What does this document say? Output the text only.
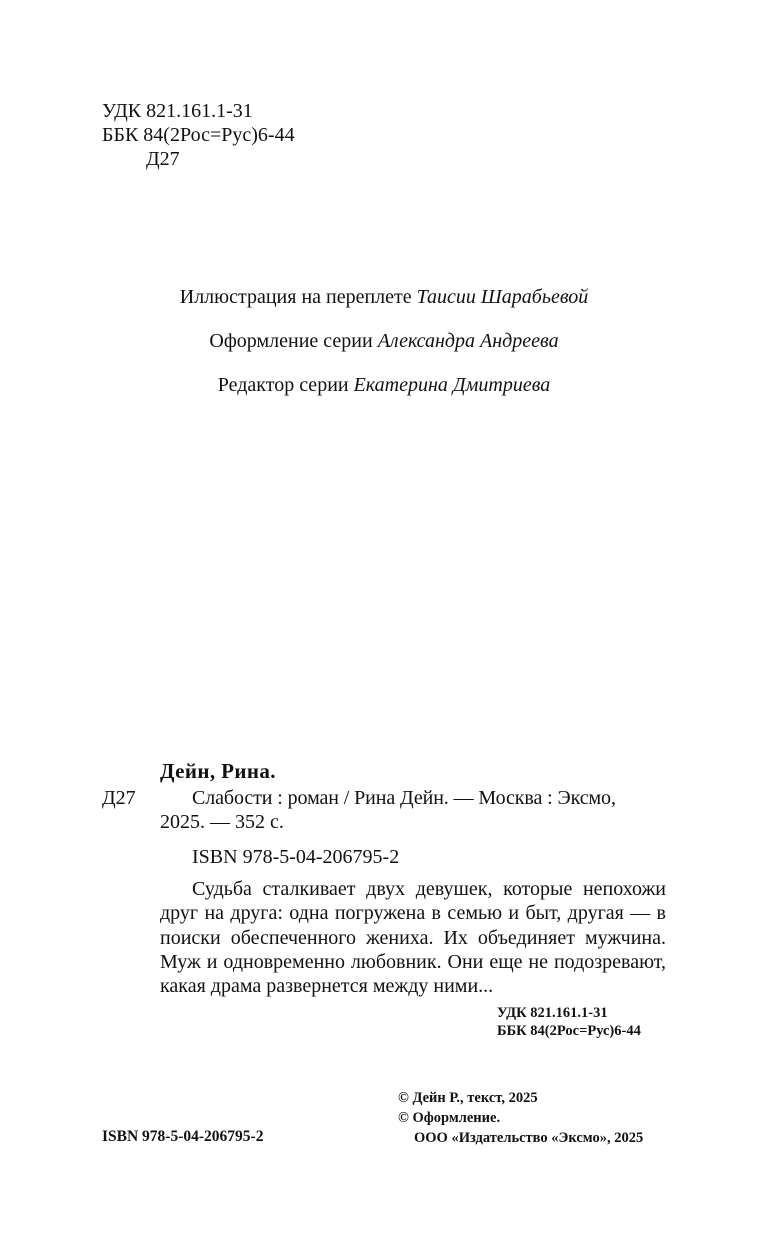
УДК 821.161.1-31
ББК 84(2Рос=Рус)6-44
Д27
Иллюстрация на переплете Таисии Шарабьевой
Оформление серии Александра Андреева
Редактор серии Екатерина Дмитриева
Дейн, Рина.
Д27	Слабости : роман / Рина Дейн. — Москва : Эксмо,
2025. — 352 с.
ISBN 978-5-04-206795-2

Судьба сталкивает двух девушек, которые непохожи друг на друга: одна погружена в семью и быт, другая — в поиски обеспеченного жениха. Их объединяет мужчина. Муж и одновременно любовник. Они еще не подозревают, какая драма развернется между ними...

УДК 821.161.1-31
ББК 84(2Рос=Рус)6-44
ISBN 978-5-04-206795-2
© Дейн Р., текст, 2025
© Оформление.
ООО «Издательство «Эксмо», 2025
